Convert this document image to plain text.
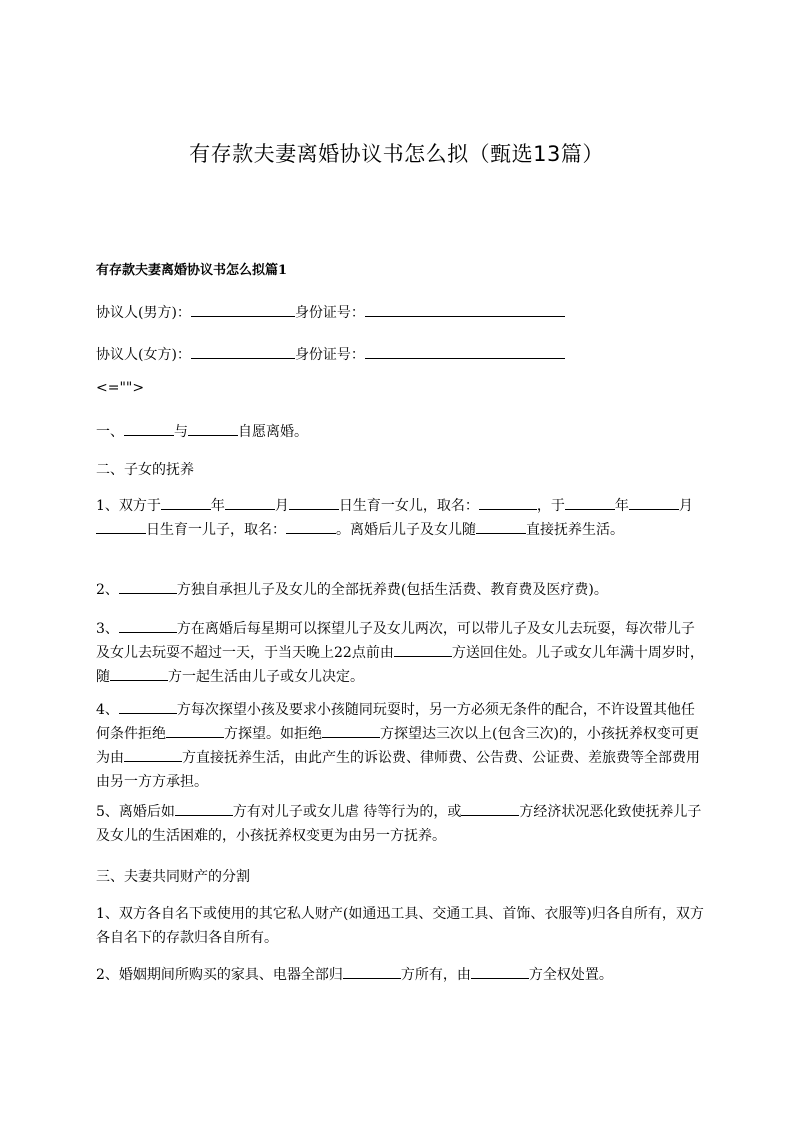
有存款夫妻离婚协议书怎么拟（甄选13篇）
有存款夫妻离婚协议书怎么拟篇1
协议人(男方)：	身份证号：
协议人(女方)：	身份证号：
<="">
一、	与	自愿离婚。
二、子女的抚养
1、双方于	年	月	日生育一女儿，取名：	，于	年	月日生育一儿子，取名：	。离婚后儿子及女儿随	直接抚养生活。
2、	方独自承担儿子及女儿的全部抚养费(包括生活费、教育费及医疗费)。
3、	方在离婚后每星期可以探望儿子及女儿两次，可以带儿子及女儿去玩耍，每次带儿子及女儿去玩耍不超过一天，于当天晚上22点前由	方送回住处。儿子或女儿年满十周岁时，随	方一起生活由儿子或女儿决定。
4、	方每次探望小孩及要求小孩随同玩耍时，另一方必须无条件的配合，不许设置其他任何条件拒绝	方探望。如拒绝	方探望达三次以上(包含三次)的，小孩抚养权变可更为由	方直接抚养生活，由此产生的诉讼费、律师费、公告费、公证费、差旅费等全部费用由另一方方承担。
5、离婚后如	方有对儿子或女儿虐 待等行为的，或	方经济状况恶化致使抚养儿子及女儿的生活困难的，小孩抚养权变更为由另一方抚养。
三、夫妻共同财产的分割
1、双方各自名下或使用的其它私人财产(如通迅工具、交通工具、首饰、衣服等)归各自所有，双方各自名下的存款归各自所有。
2、婚姻期间所购买的家具、电器全部归	方所有，由	方全权处置。
